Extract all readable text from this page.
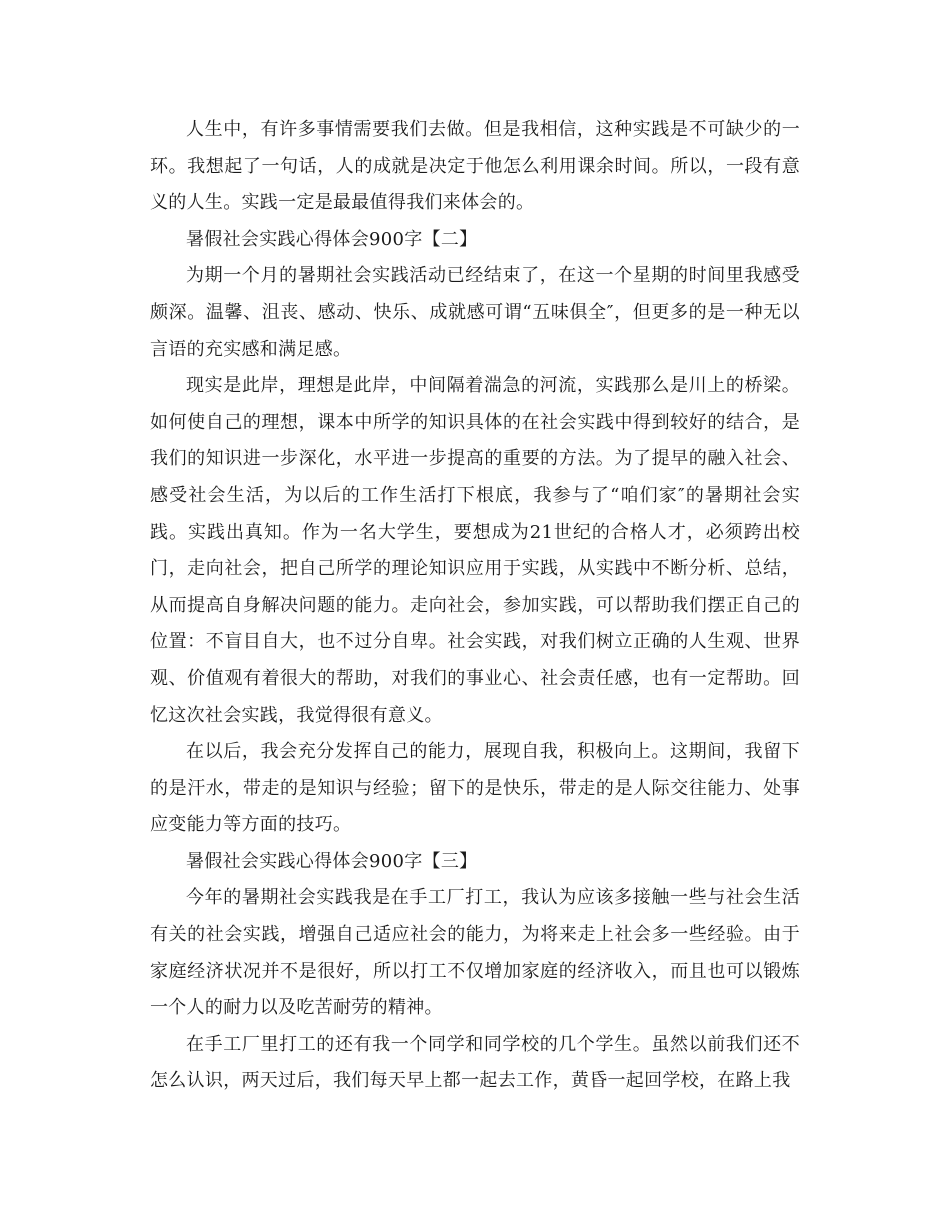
人生中，有许多事情需要我们去做。但是我相信，这种实践是不可缺少的一环。我想起了一句话，人的成就是决定于他怎么利用课余时间。所以，一段有意义的人生。实践一定是最最值得我们来体会的。

暑假社会实践心得体会900字【二】

为期一个月的暑期社会实践活动已经结束了，在这一个星期的时间里我感受颇深。温馨、沮丧、感动、快乐、成就感可谓“五味俱全″，但更多的是一种无以言语的充实感和满足感。

现实是此岸，理想是此岸，中间隔着湍急的河流，实践那么是川上的桥梁。如何使自己的理想，课本中所学的知识具体的在社会实践中得到较好的结合，是我们的知识进一步深化，水平进一步提高的重要的方法。为了提早的融入社会、感受社会生活，为以后的工作生活打下根底，我参与了“咱们家″的暑期社会实践。实践出真知。作为一名大学生，要想成为21世纪的合格人才，必须跨出校门，走向社会，把自己所学的理论知识应用于实践，从实践中不断分析、总结，从而提高自身解决问题的能力。走向社会，参加实践，可以帮助我们摆正自己的位置：不盲目自大，也不过分自卑。社会实践，对我们树立正确的人生观、世界观、价值观有着很大的帮助，对我们的事业心、社会责任感，也有一定帮助。回忆这次社会实践，我觉得很有意义。

在以后，我会充分发挥自己的能力，展现自我，积极向上。这期间，我留下的是汗水，带走的是知识与经验；留下的是快乐，带走的是人际交往能力、处事应变能力等方面的技巧。

暑假社会实践心得体会900字【三】

今年的暑期社会实践我是在手工厂打工，我认为应该多接触一些与社会生活有关的社会实践，增强自己适应社会的能力，为将来走上社会多一些经验。由于家庭经济状况并不是很好，所以打工不仅增加家庭的经济收入，而且也可以锻炼一个人的耐力以及吃苦耐劳的精神。

在手工厂里打工的还有我一个同学和同学校的几个学生。虽然以前我们还不怎么认识，两天过后，我们每天早上都一起去工作，黄昏一起回学校，在路上我
